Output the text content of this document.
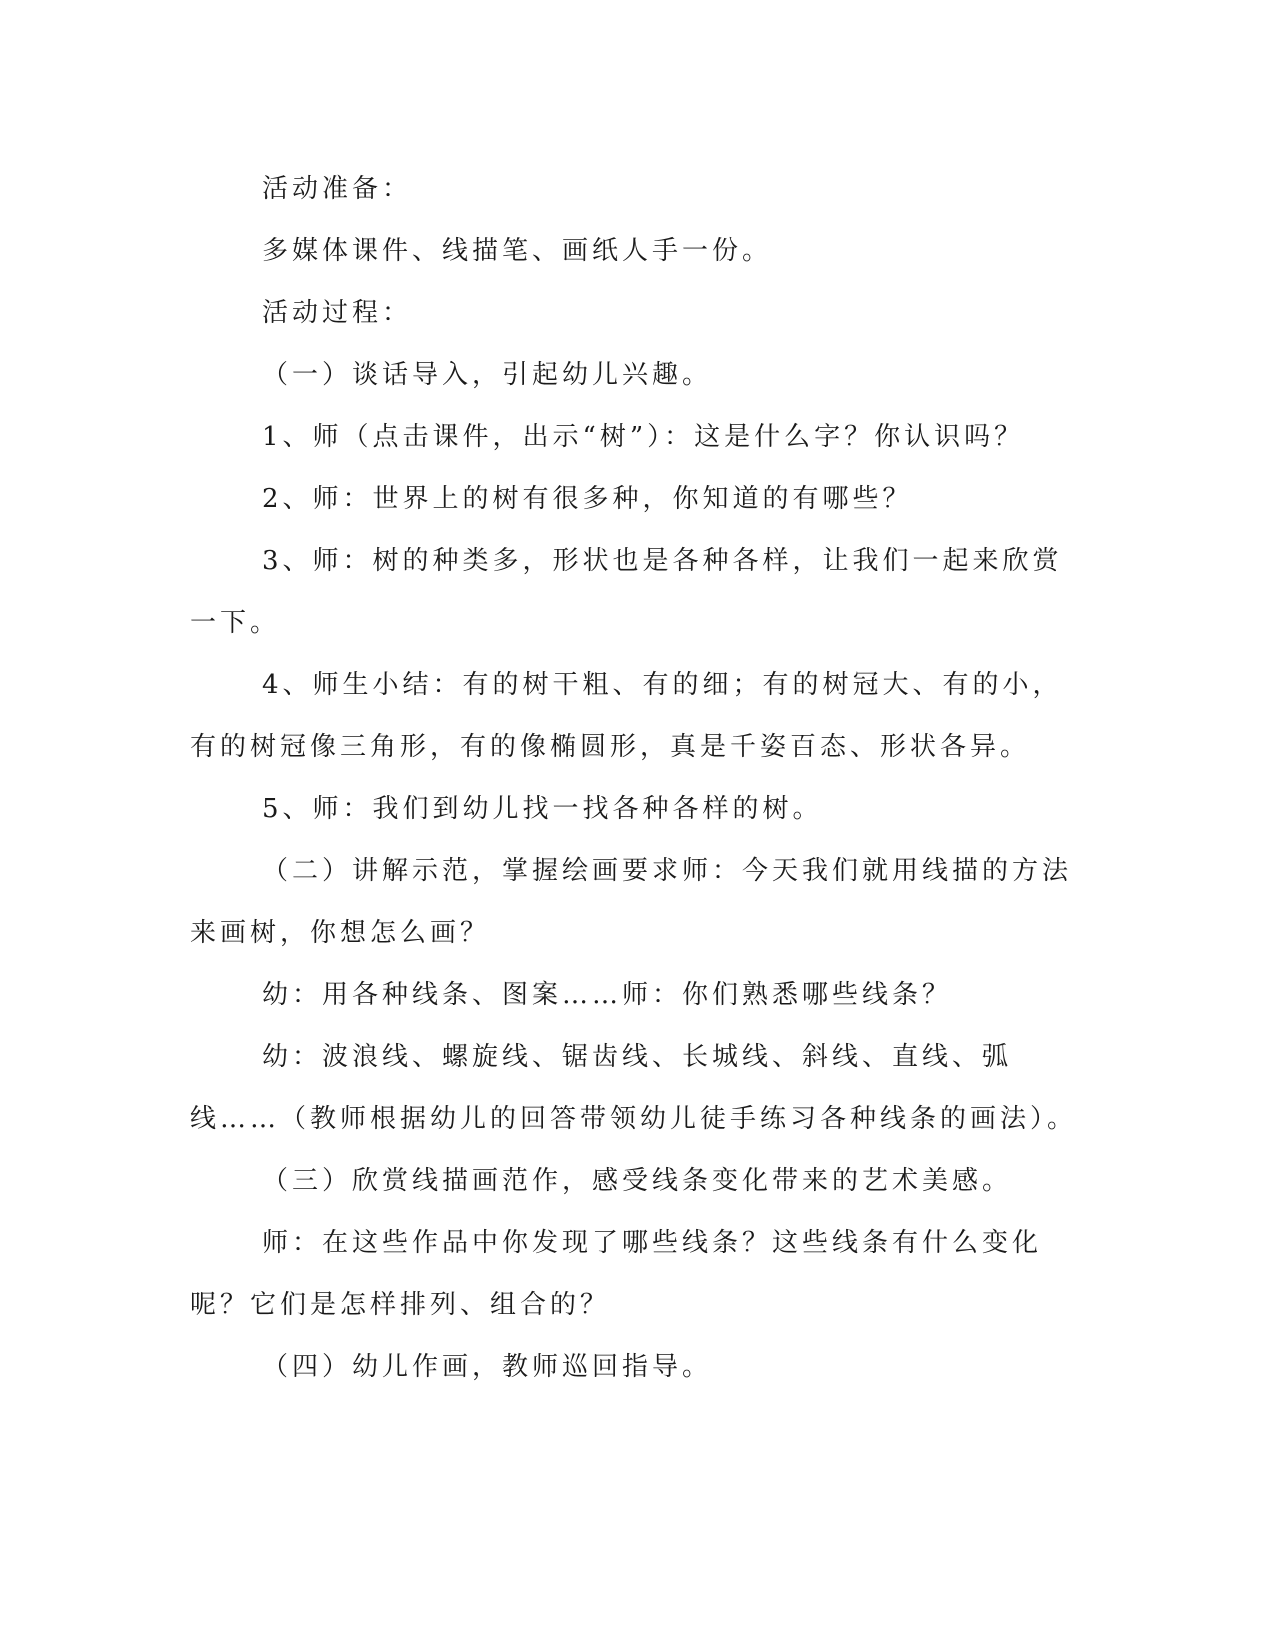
活动准备：

多媒体课件、线描笔、画纸人手一份。

活动过程：

（一）谈话导入，引起幼儿兴趣。

1、师（点击课件，出示“树”）：这是什么字？你认识吗？

2、师：世界上的树有很多种，你知道的有哪些？

3、师：树的种类多，形状也是各种各样，让我们一起来欣赏一下。

4、师生小结：有的树干粗、有的细；有的树冠大、有的小，有的树冠像三角形，有的像椭圆形，真是千姿百态、形状各异。

5、师：我们到幼儿找一找各种各样的树。

（二）讲解示范，掌握绘画要求师：今天我们就用线描的方法来画树，你想怎么画？

幼：用各种线条、图案……师：你们熟悉哪些线条？

幼：波浪线、螺旋线、锯齿线、长城线、斜线、直线、弧线……（教师根据幼儿的回答带领幼儿徒手练习各种线条的画法）。

（三）欣赏线描画范作，感受线条变化带来的艺术美感。

师：在这些作品中你发现了哪些线条？这些线条有什么变化呢？它们是怎样排列、组合的？

（四）幼儿作画，教师巡回指导。
